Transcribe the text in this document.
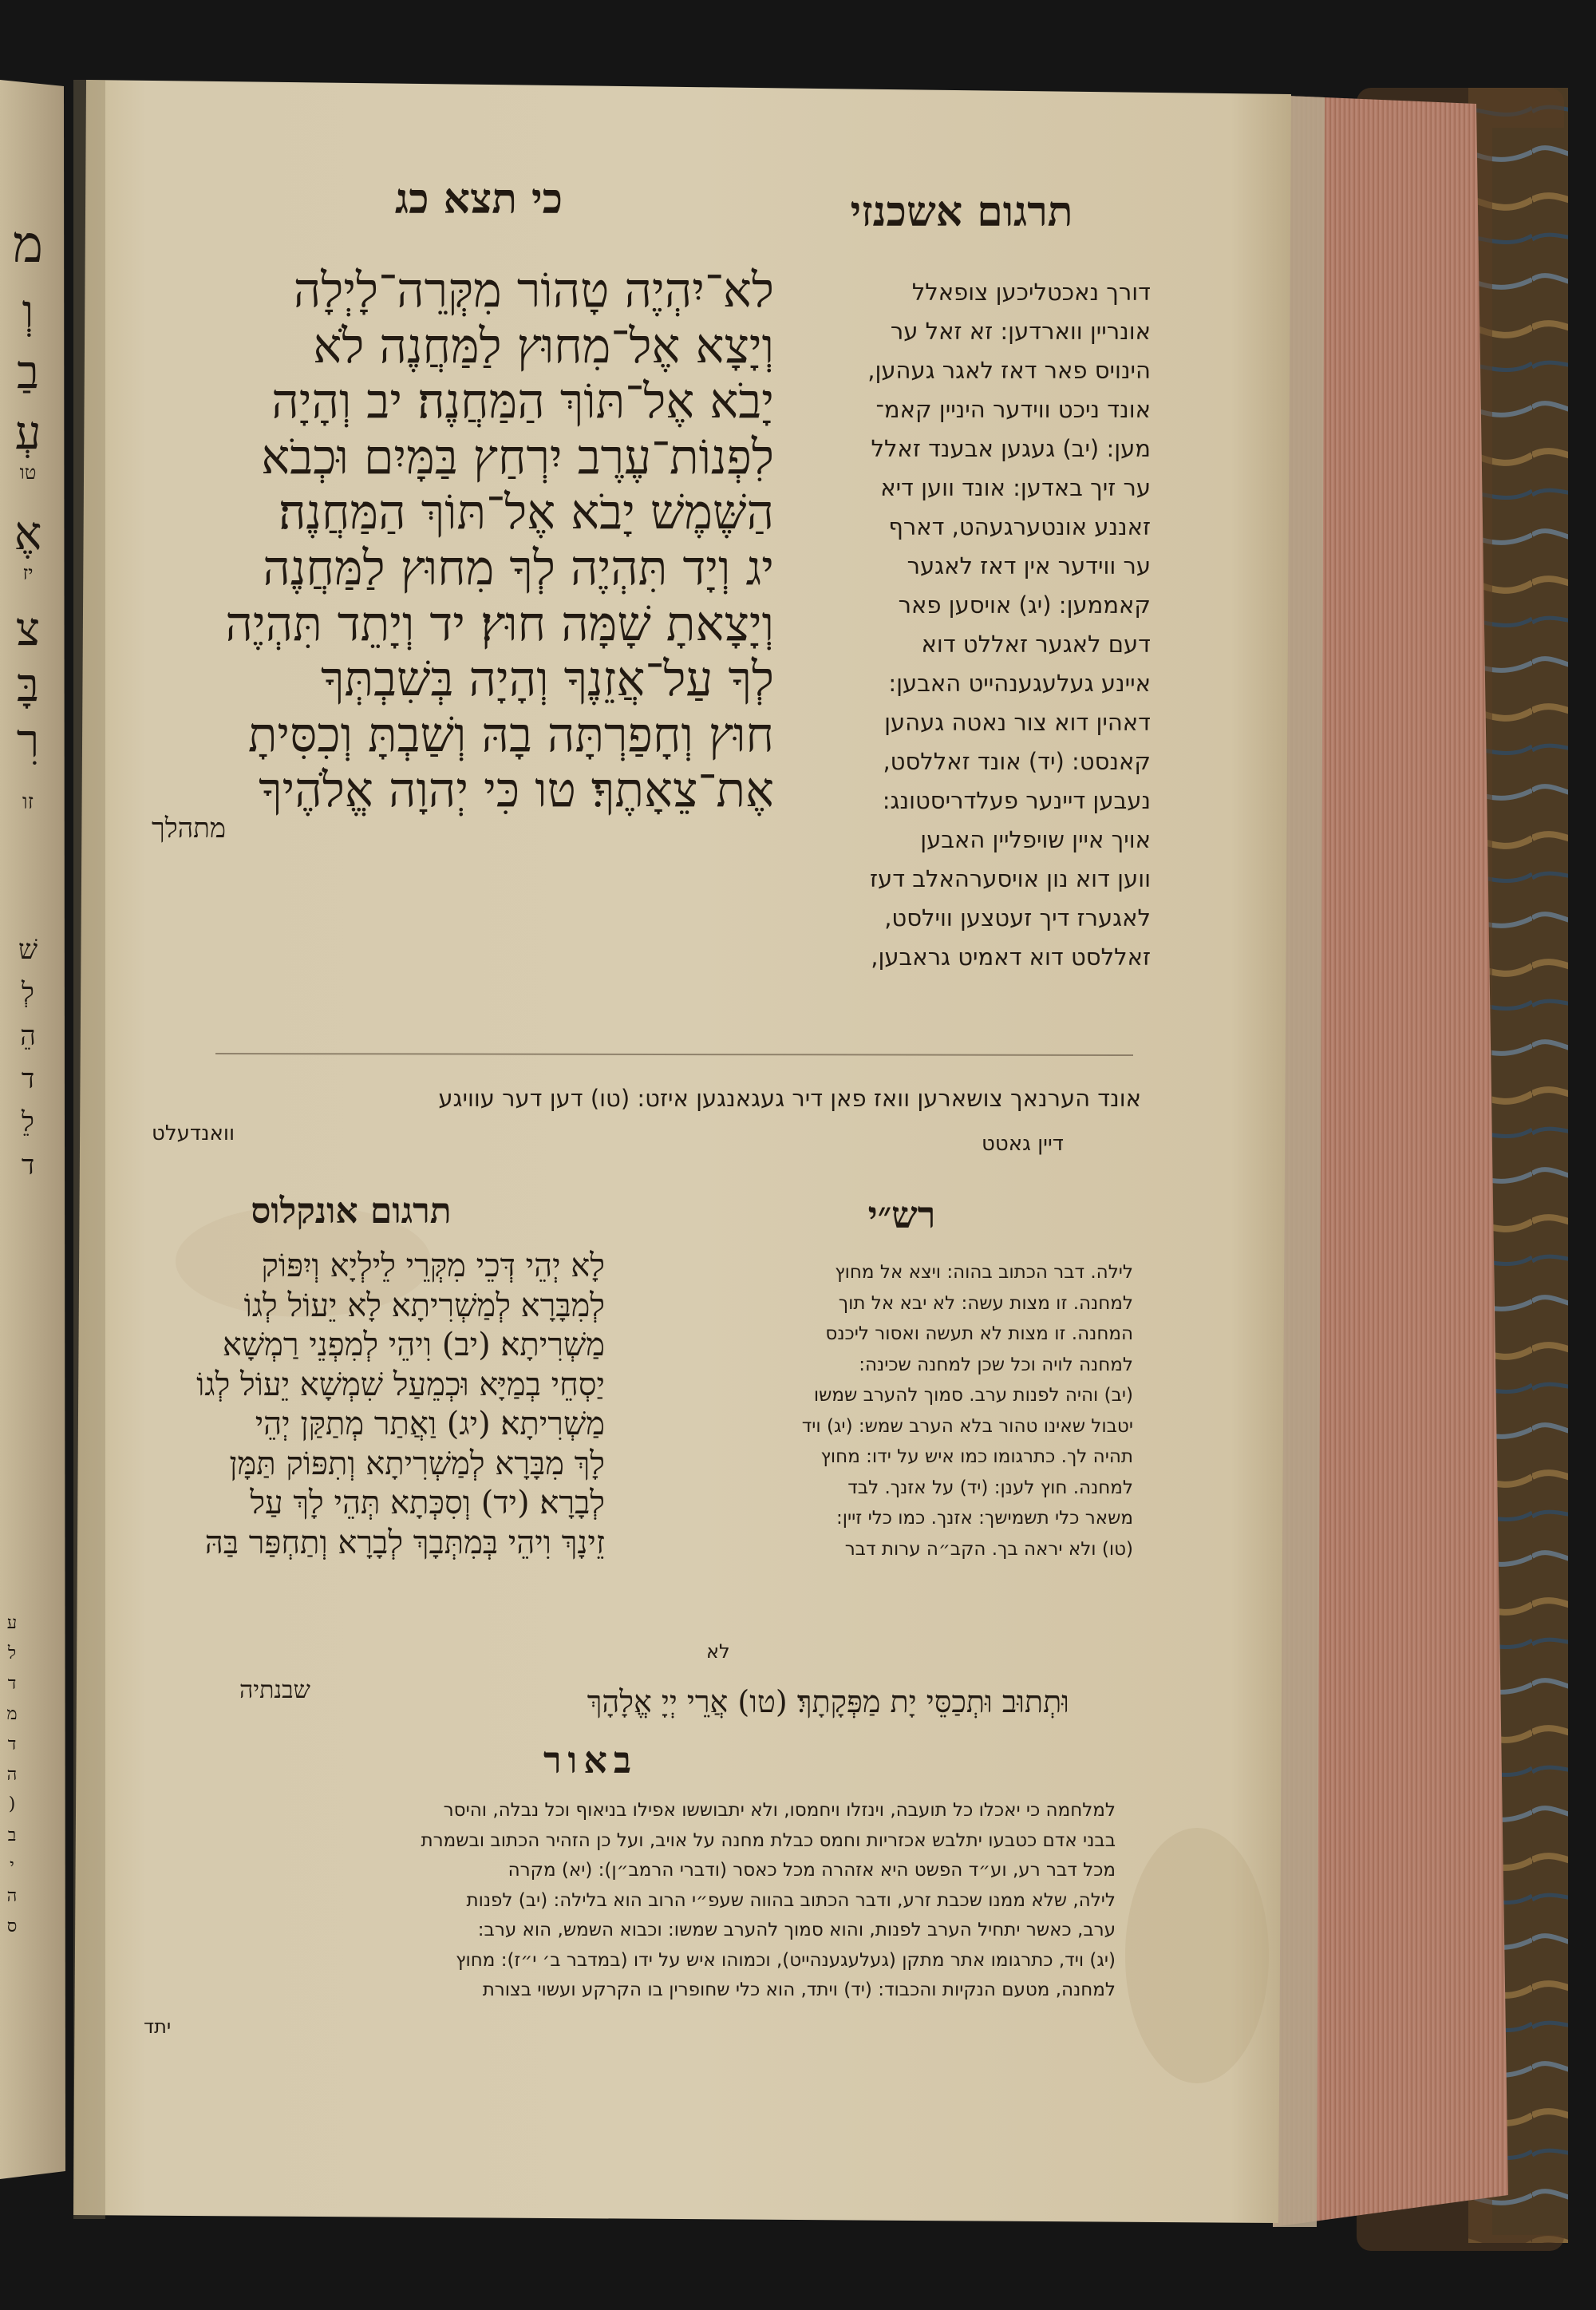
מ
וְ
בַ
עְ
טו
אֶ
יז
צ
בָּ
רִ
זו
שׁ
לְ
הֵ
ד
לֵ
ד
ע
ל
ד
מ
ד
ה
(
ב
י
ה
ס
כי תצא כג	תרגום אשכנזי
לא־יִהְיֶה טָהוֹר מִקְּרֵה־לָיְלָה
וְיָצָא אֶל־מִחוּץ לַמַּחֲנֶה לֹא
יָבֹא אֶל־תּוֹךְ הַמַּחֲנֶה׃ יב וְהָיָה
לִפְנוֹת־עֶרֶב יִרְחַץ בַּמָּיִם וּכְבֹא
הַשֶּׁמֶשׁ יָבֹא אֶל־תּוֹךְ הַמַּחֲנֶה׃
יג וְיָד תִּהְיֶה לְךָ מִחוּץ לַמַּחֲנֶה
וְיָצָאתָ שָׁמָּה חוּץ׃ יד וְיָתֵד תִּהְיֶה
לְךָ עַל־אֲזֵנֶךָ וְהָיָה בְּשִׁבְתְּךָ
חוּץ וְחָפַרְתָּה בָהּ וְשַׁבְתָּ וְכִסִּיתָ
אֶת־צֵאָתֶךָ׃ טו כִּי יְהוָה אֱלֹהֶיךָ
מתהלך
דורך נאכטליכען צופאלל
אונריין ווארדען: זא זאל ער
הינויס פאר דאז לאגר געהען,
אונד ניכט ווידער היניין קאמ־
מען: (יב) געגען אבענד זאלל
ער זיך באדען: אונד ווען דיא
זאננע אונטערגעהט, דארף
ער ווידער אין דאז לאגער
קאממען: (יג) אויסען פאר
דעם לאגער זאללט דוא
איינע געלעגענהייט האבען:
דאהין דוא צור נאטה געהען
קאנסט: (יד) אונד זאללסט,
נעבען דיינער פעלדריסטונג:
אויך איין שויפליין האבען
ווען דוא נון אויסערהאלב דעז
לאגערז דיך זעטצען ווילסט,
זאללסט דוא דאמיט גראבען,
אונד הערנאך צושארען וואז פאן דיר געגאנגען איזט: (טו) דען דער עוויגע
וואנדעלט	דיין גאטט
תרגום אונקלוס
לָא יְהֵי דְּכֵי מִקְּרֵי לֵילְיָא וְיִפּוֹק
לְמִבָּרָא לְמַשְׁרִיתָא לָא יֵעוֹל לְגוֹ
מַשְׁרִיתָא׃ (יב) וִיהֵי לְמִפְנֵי רַמְשָׁא
יַסְחֵי בְמַיָּא וּכְמֵעַל שִׁמְשָׁא יֵעוֹל לְגוֹ
מַשְׁרִיתָא׃ (יג) וַאֲתַר מְתַקַּן יְהֵי
לָךְ מִבָּרָא לְמַשְׁרִיתָא וְתִפּוֹק תַּמָּן
לְבָרָא׃ (יד) וְסִכְּתָא תְּהֵי לָךְ עַל
זֵינָךְ וִיהֵי בְּמִתְּבָךְ לְבָרָא וְתַחְפַּר בַּהּ
שבנתיה	וּתְתוּב וּתְכַסֵּי יָת מַפְּקָתָךְ׃ (טו) אֲרֵי יְיָ אֱלָהָךְ
רש״י
לילה. דבר הכתוב בהוה: ויצא אל מחוץ
למחנה. זו מצות עשה: לא יבא אל תוך
המחנה. זו מצות לא תעשה ואסור ליכנס
למחנה לויה וכל שכן למחנה שכינה:
(יב) והיה לפנות ערב. סמוך להערב שמשו
יטבול שאינו טהור בלא הערב שמש: (יג) ויד
תהיה לך. כתרגומו כמו איש על ידו: מחוץ
למחנה. חוץ לענן: (יד) על אזנך. לבד
משאר כלי תשמישך: אזנך. כמו כלי זיין:
(טו) ולא יראה בך. הקב״ה ערות דבר
לא
באור
למלחמה כי יאכלו כל תועבה, וינזלו ויחמסו, ולא יתבוששו אפילו בניאוף וכל נבלה, והיסר
בבני אדם כטבעו יתלבש אכזריות וחמס כבלת מחנה על אויב, ועל כן הזהיר הכתוב ובשמרת
מכל דבר רע, וע״ד הפשט היא אזהרה מכל כאסר (ודברי הרמב״ן): (יא) מקרה
לילה, שלא ממנו שכבת זרע, ודבר הכתוב בהווה שעפ״י הרוב הוא בלילה: (יב) לפנות
ערב, כאשר יתחיל הערב לפנות, והוא סמוך להערב שמשו: וכבוא השמש, הוא ערב:
(יג) ויד, כתרגומו אתר מתקן (געלעגענהייט), וכמוהו איש על ידו (במדבר ב׳ י״ז): מחוץ
למחנה, מטעם הנקיות והכבוד: (יד) ויתד, הוא כלי שחופרין בו הקרקע ועשוי בצורת
יתד
